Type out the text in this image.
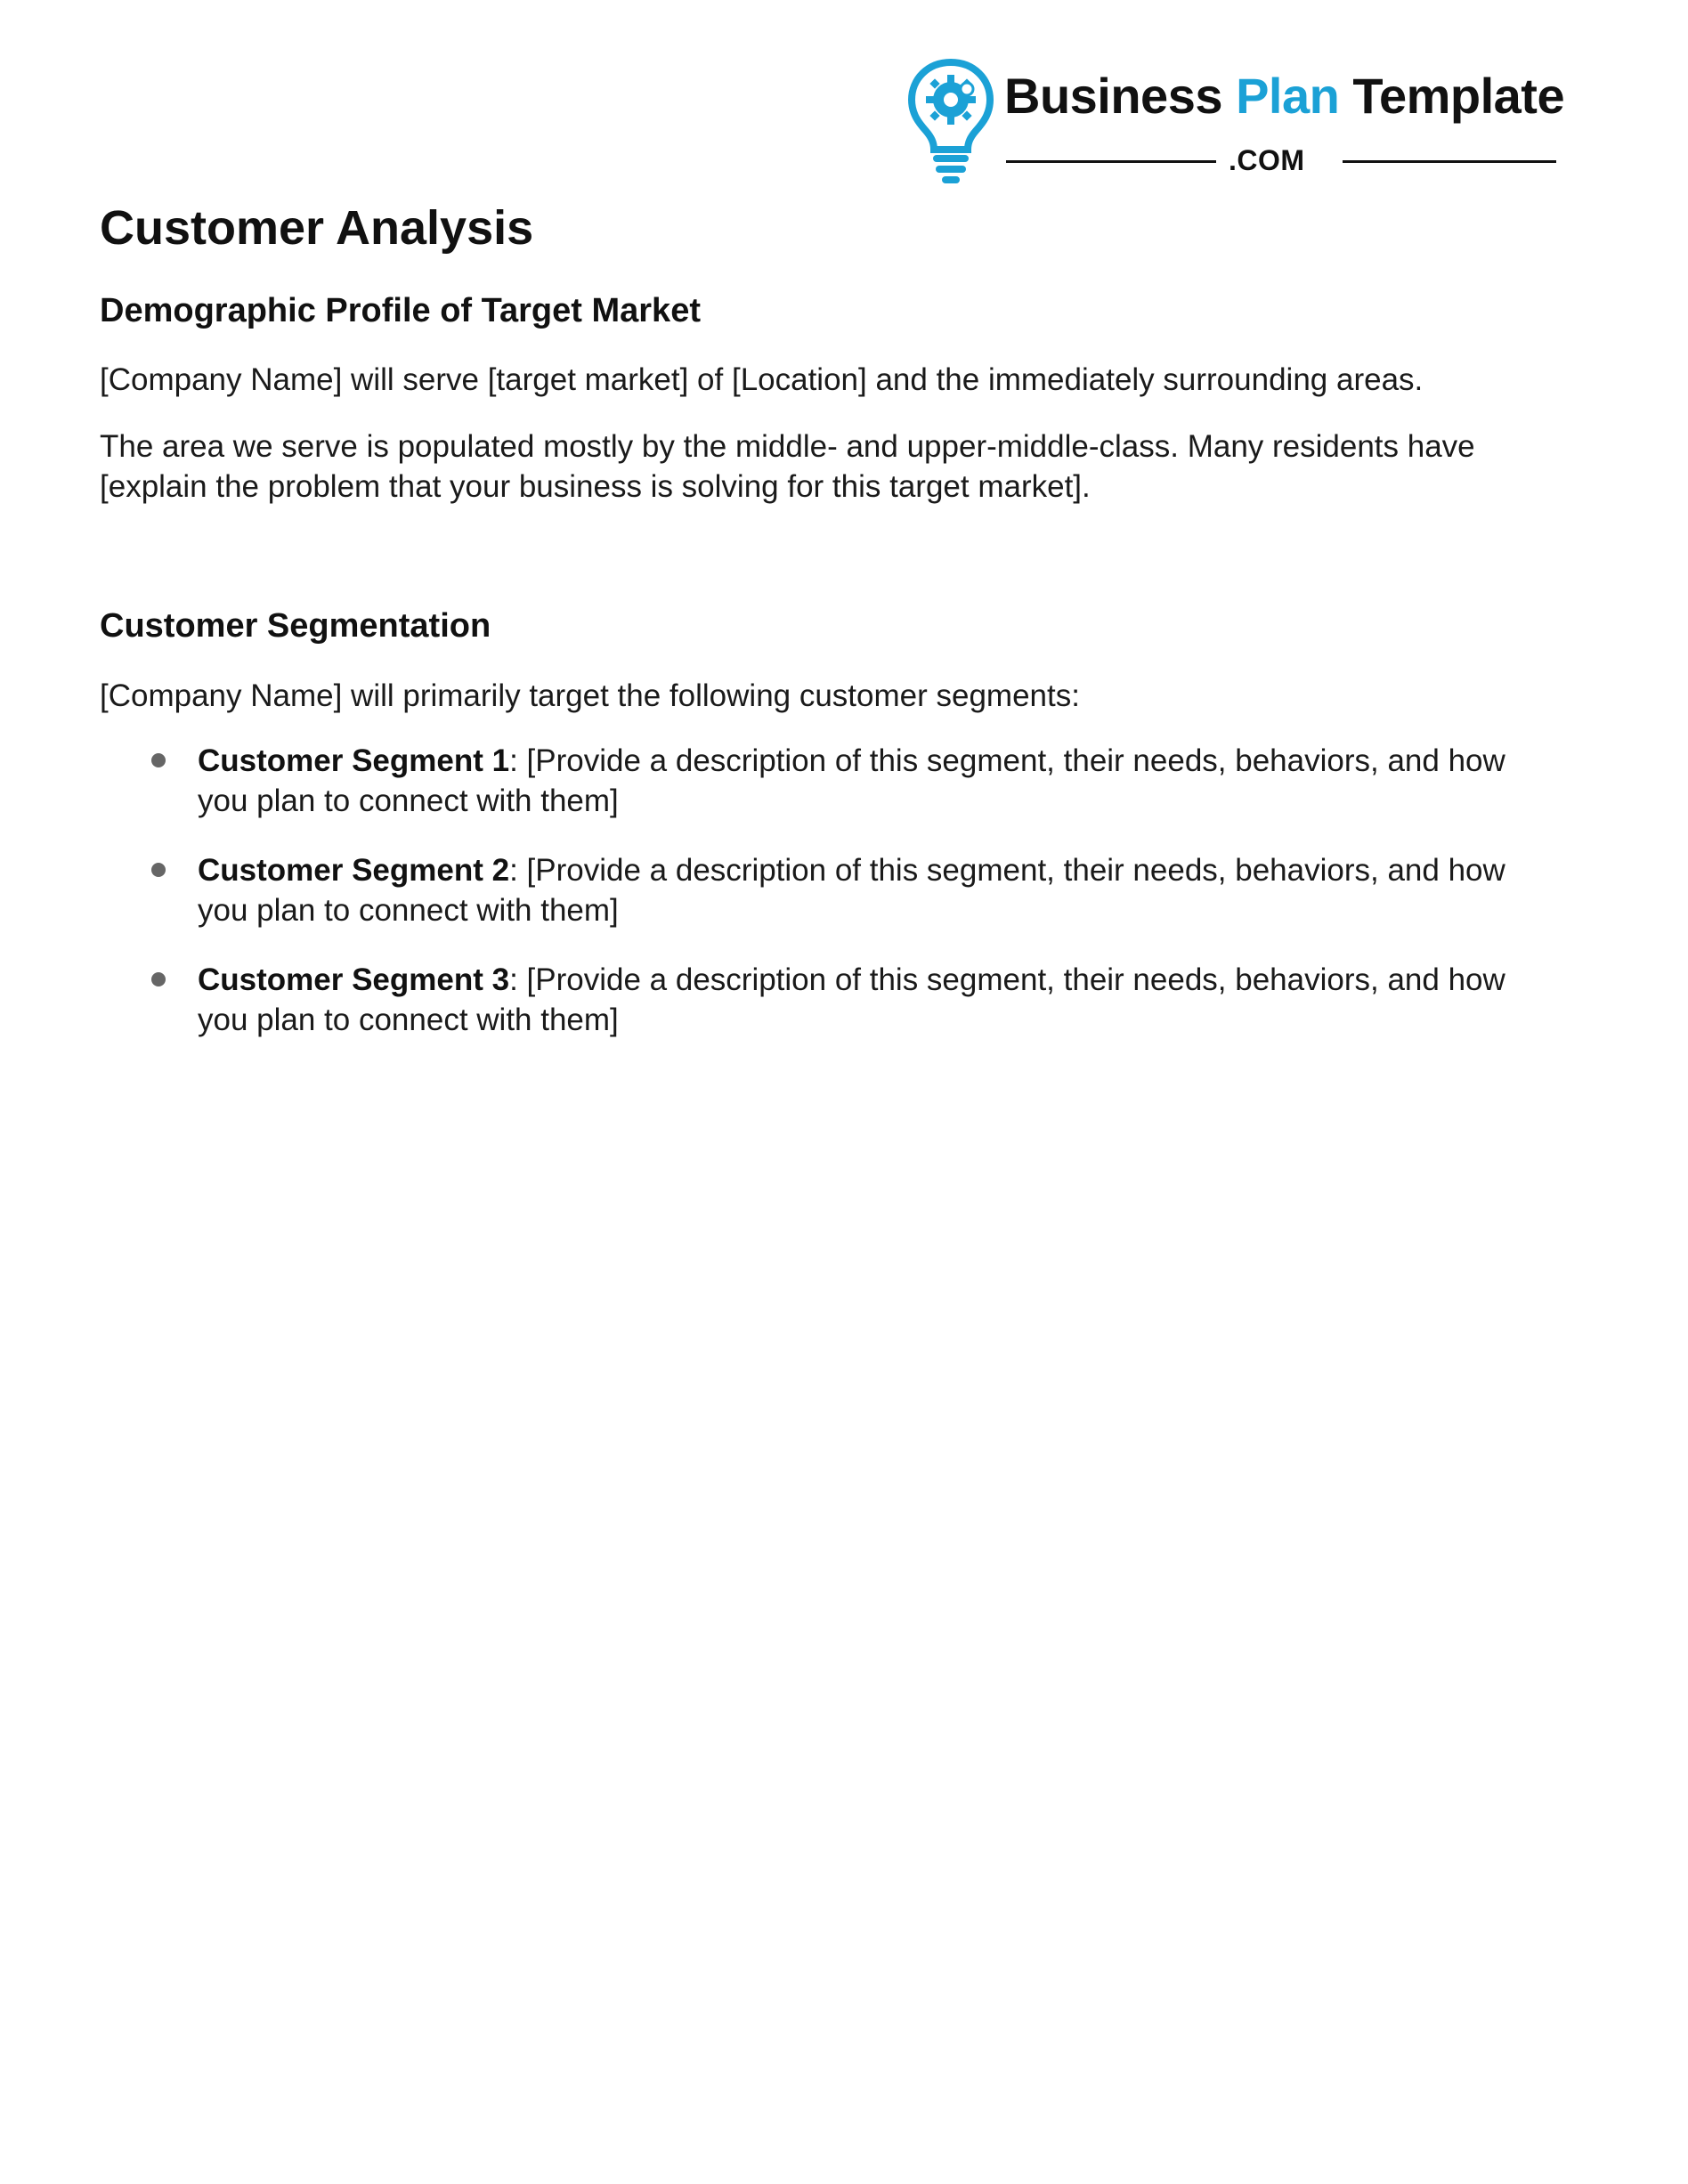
Business Plan Template
.COM
Customer Analysis
Demographic Profile of Target Market

[Company Name] will serve [target market] of [Location] and the immediately surrounding areas.

The area we serve is populated mostly by the middle- and upper-middle-class. Many residents have [explain the problem that your business is solving for this target market].

Customer Segmentation

[Company Name] will primarily target the following customer segments:

Customer Segment 1: [Provide a description of this segment, their needs, behaviors, and how you plan to connect with them]
Customer Segment 2: [Provide a description of this segment, their needs, behaviors, and how you plan to connect with them]
Customer Segment 3: [Provide a description of this segment, their needs, behaviors, and how you plan to connect with them]
